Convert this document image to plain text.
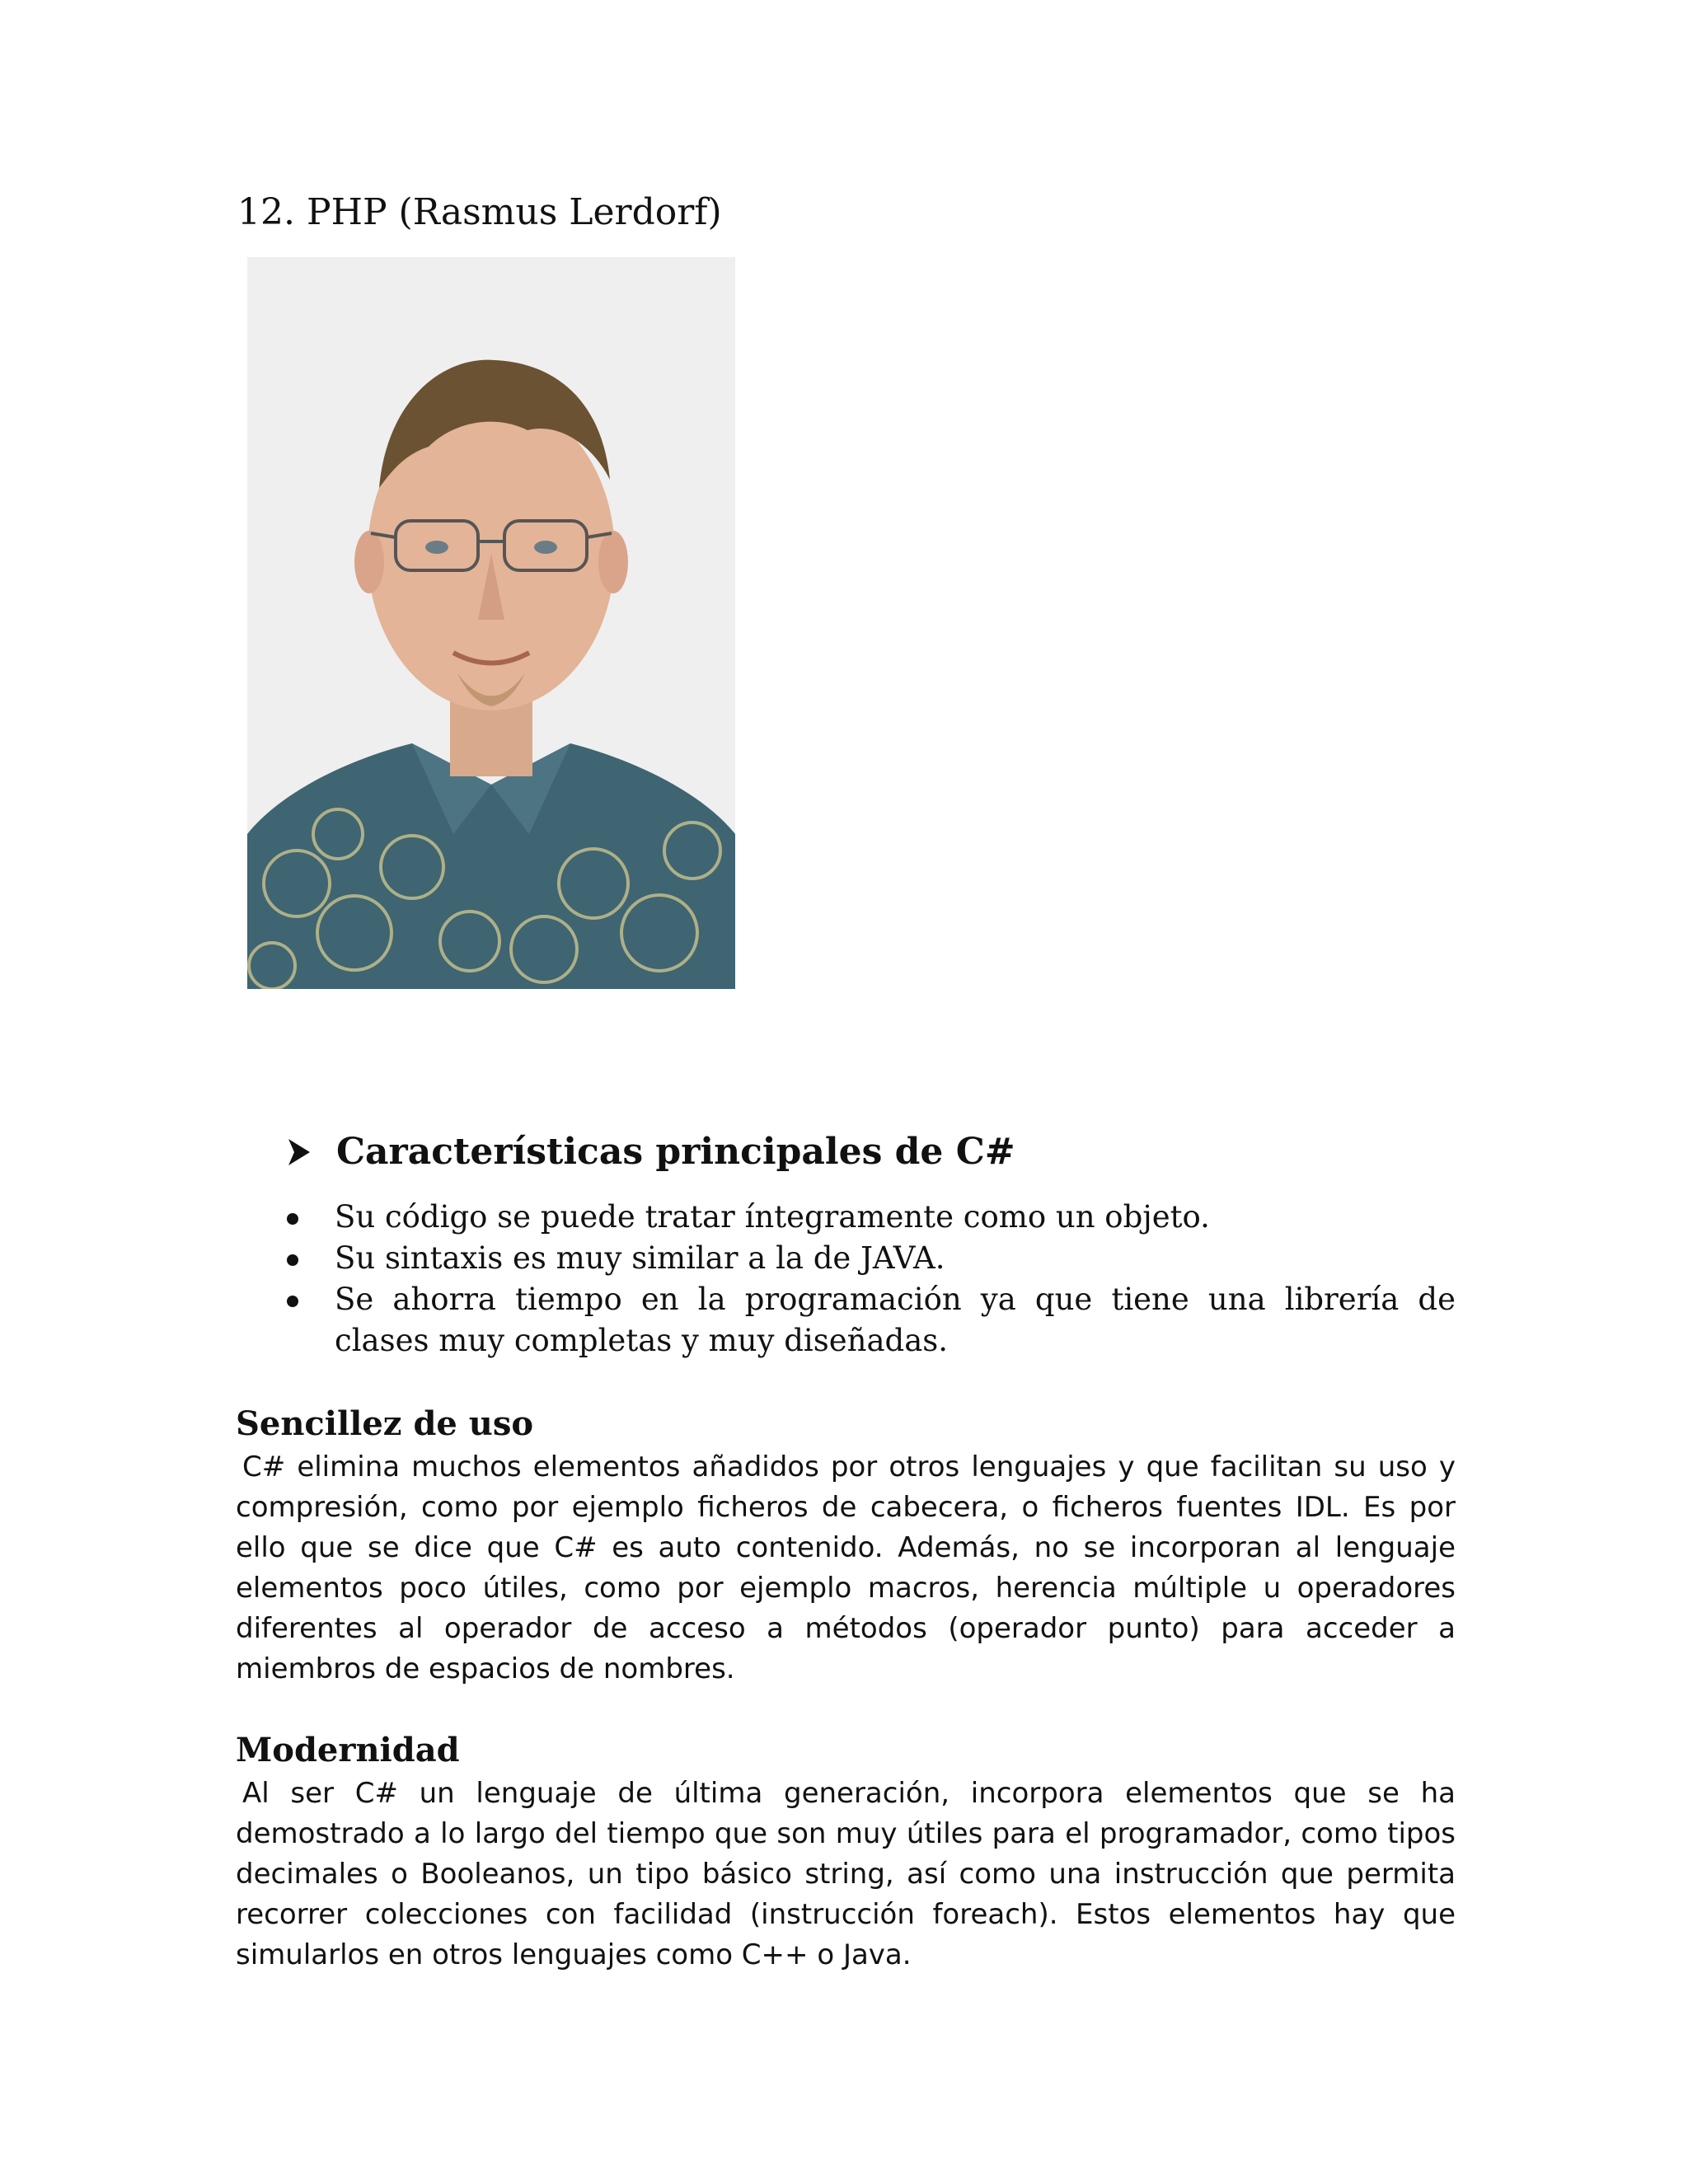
12. PHP (Rasmus Lerdorf)
Características principales de C#
Su código se puede tratar íntegramente como un objeto.
Su sintaxis es muy similar a la de JAVA.
Se ahorra tiempo en la programación ya que tiene una librería de clases muy completas y muy diseñadas.
Sencillez de uso

C# elimina muchos elementos añadidos por otros lenguajes y que facilitan su uso y compresión, como por ejemplo ficheros de cabecera, o ficheros fuentes IDL. Es por ello que se dice que C# es auto contenido. Además, no se incorporan al lenguaje elementos poco útiles, como por ejemplo macros, herencia múltiple u operadores diferentes al operador de acceso a métodos (operador punto) para acceder a miembros de espacios de nombres.

Modernidad

Al ser C# un lenguaje de última generación, incorpora elementos que se ha demostrado a lo largo del tiempo que son muy útiles para el programador, como tipos decimales o Booleanos, un tipo básico string, así como una instrucción que permita recorrer colecciones con facilidad (instrucción foreach). Estos elementos hay que simularlos en otros lenguajes como C++ o Java.
